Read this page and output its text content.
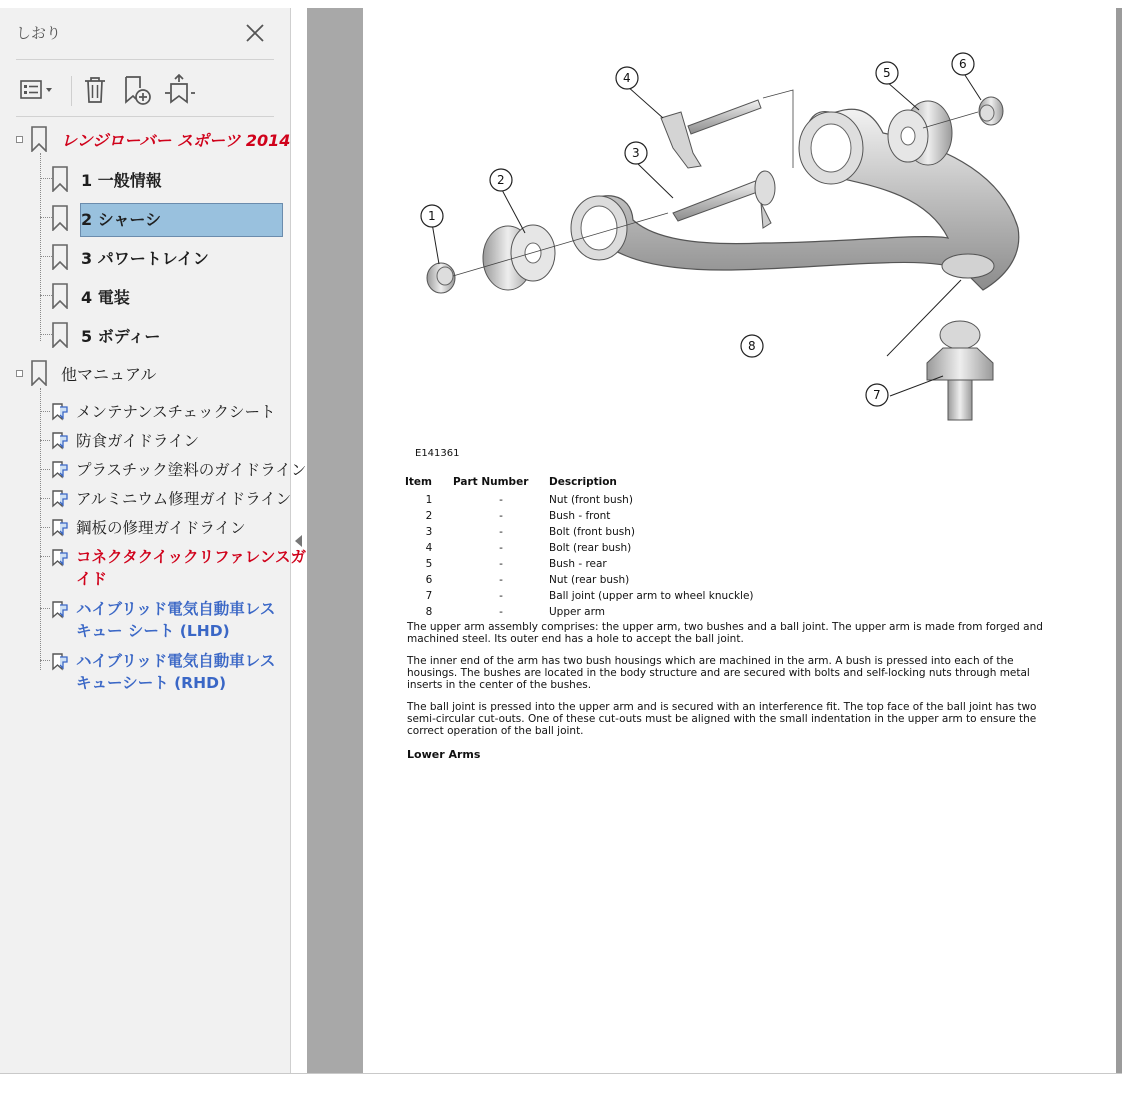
しおり
レンジローバー スポーツ 2014
1 一般情報
2 シャーシ
3 パワートレイン
4 電装
5 ボディー
他マニュアル
メンテナンスチェックシート
防食ガイドライン
プラスチック塗料のガイドライン
アルミニウム修理ガイドライン
鋼板の修理ガイドライン
コネクタクイックリファレンスガ
イド
ハイブリッド電気自動車レス
キュー シート (LHD)
ハイブリッド電気自動車レス
キューシート (RHD)
1
2
3
4	5
6
7
8
E141361
Item	Part Number	Description
1	-	Nut (front bush)
2	-	Bush - front
3	-	Bolt (front bush)
4	-	Bolt (rear bush)
5	-	Bush - rear
6	-	Nut (rear bush)
7	-	Ball joint (upper arm to wheel knuckle)
8	-	Upper arm
The upper arm assembly comprises: the upper arm, two bushes and a ball joint. The upper arm is made from forged and machined steel. Its outer end has a hole to accept the ball joint.
The inner end of the arm has two bush housings which are machined in the arm. A bush is pressed into each of the housings. The bushes are located in the body structure and are secured with bolts and self-locking nuts through metal inserts in the center of the bushes.
The ball joint is pressed into the upper arm and is secured with an interference fit. The top face of the ball joint has two semi-circular cut-outs. One of these cut-outs must be aligned with the small indentation in the upper arm to ensure the correct operation of the ball joint.
Lower Arms
